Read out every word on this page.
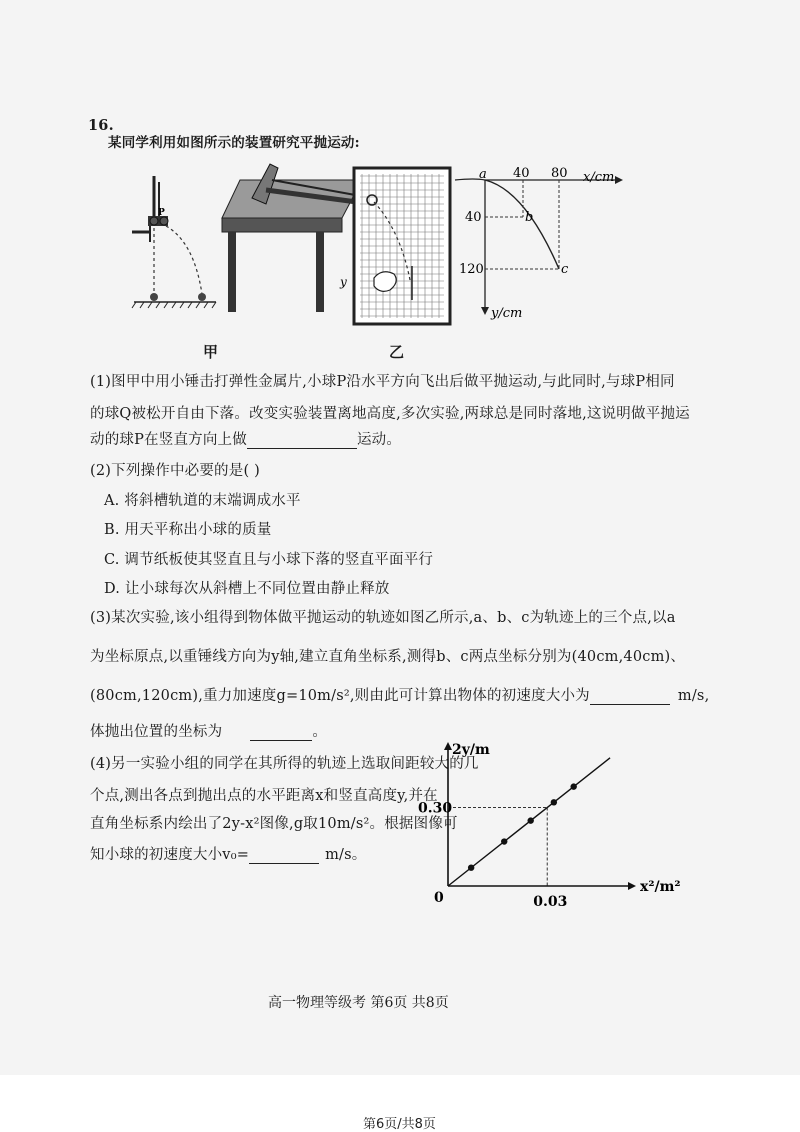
16.
某同学利用如图所示的装置研究平抛运动:
P
y
a
b
c
40 80 x/cm
40
120
y/cm
甲	乙
(1)图甲中用小锤击打弹性金属片,小球P沿水平方向飞出后做平抛运动,与此同时,与球P相同
的球Q被松开自由下落。改变实验装置离地高度,多次实验,两球总是同时落地,这说明做平抛运
动的球P在竖直方向上做	运动。
(2)下列操作中必要的是( )
A. 将斜槽轨道的末端调成水平
B. 用天平称出小球的质量
C. 调节纸板使其竖直且与小球下落的竖直平面平行
D. 让小球每次从斜槽上不同位置由静止释放
(3)某次实验,该小组得到物体做平抛运动的轨迹如图乙所示,a、b、c为轨迹上的三个点,以a
为坐标原点,以重锤线方向为y轴,建立直角坐标系,测得b、c两点坐标分别为(40cm,40cm)、
(80cm,120cm),重力加速度g=10m/s²,则由此可计算出物体的初速度大小为	m/s,
体抛出位置的坐标为	。
(4)另一实验小组的同学在其所得的轨迹上选取间距较大的几
个点,测出各点到抛出点的水平距离x和竖直高度y,并在
直角坐标系内绘出了2y-x²图像,g取10m/s²。根据图像可
知小球的初速度大小v₀=	m/s。
2y/m
x²/m²
0	0.03
0.30
高一物理等级考 第6页 共8页
第6页/共8页
